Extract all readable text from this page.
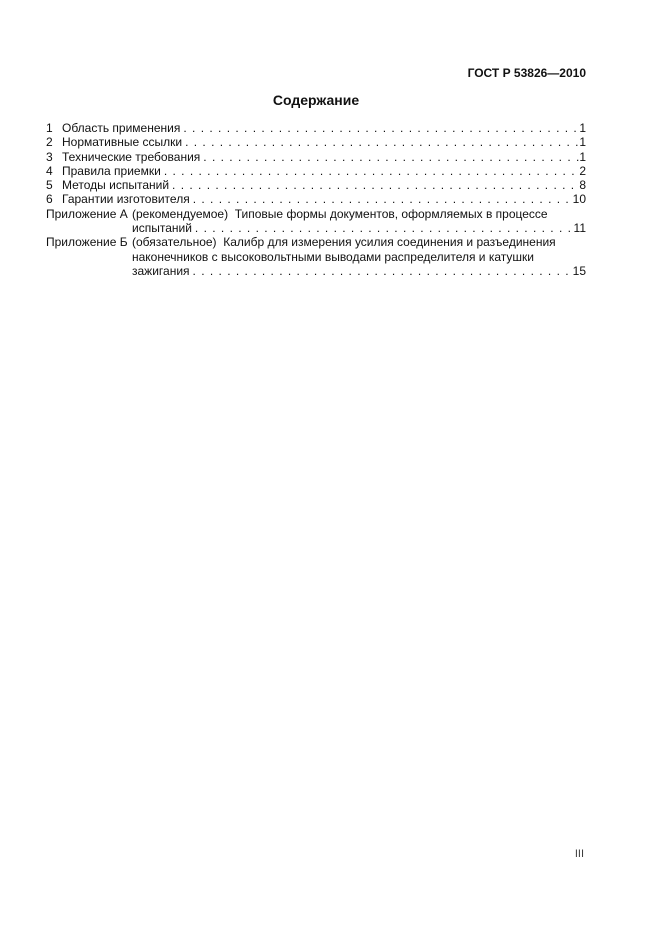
ГОСТ Р 53826—2010
Содержание
1 Область применения . . .	1
2 Нормативные ссылки . . .	1
3 Технические требования . . .	1
4 Правила приемки . . .	2
5 Методы испытаний . . .	8
6 Гарантии изготовителя . . .	10
Приложение А (рекомендуемое)  Типовые формы документов, оформляемых в процессе
испытаний . . .	11
Приложение Б (обязательное)  Калибр для измерения усилия соединения и разъединения
наконечников с высоковольтными выводами распределителя и катушки
зажигания . . .	15
III
